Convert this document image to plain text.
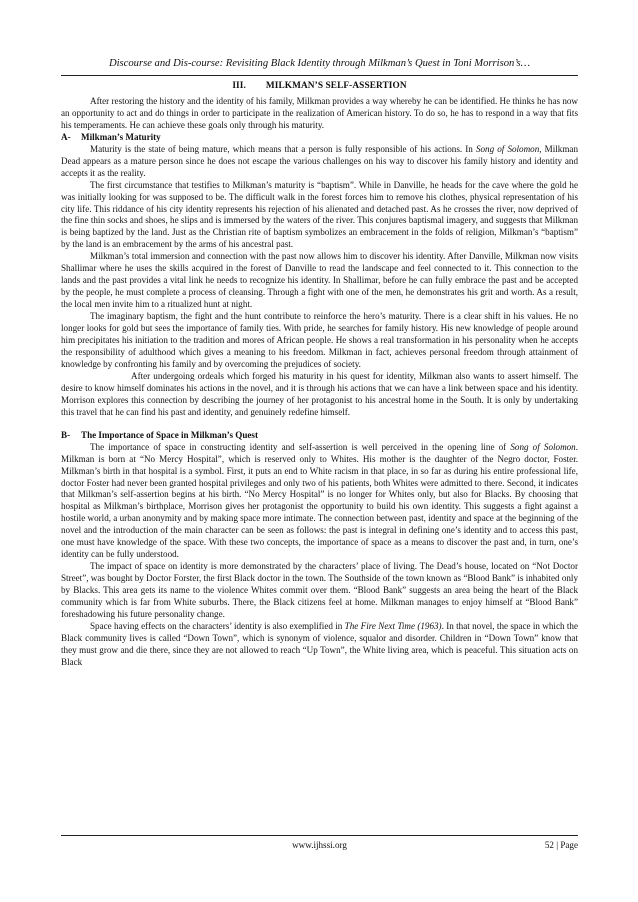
Discourse and Dis-course: Revisiting Black Identity through Milkman’s Quest in Toni Morrison’s…
III. MILKMAN’S SELF-ASSERTION

After restoring the history and the identity of his family, Milkman provides a way whereby he can be identified. He thinks he has now an opportunity to act and do things in order to participate in the realization of American history. To do so, he has to respond in a way that fits his temperaments. He can achieve these goals only through his maturity.

A- Milkman’s Maturity

Maturity is the state of being mature, which means that a person is fully responsible of his actions. In Song of Solomon, Milkman Dead appears as a mature person since he does not escape the various challenges on his way to discover his family history and identity and accepts it as the reality.

The first circumstance that testifies to Milkman’s maturity is “baptism”. While in Danville, he heads for the cave where the gold he was initially looking for was supposed to be. The difficult walk in the forest forces him to remove his clothes, physical representation of his city life. This riddance of his city identity represents his rejection of his alienated and detached past. As he crosses the river, now deprived of the fine thin socks and shoes, he slips and is immersed by the waters of the river. This conjures baptismal imagery, and suggests that Milkman is being baptized by the land. Just as the Christian rite of baptism symbolizes an embracement in the folds of religion, Milkman’s “baptism” by the land is an embracement by the arms of his ancestral past.

Milkman’s total immersion and connection with the past now allows him to discover his identity. After Danville, Milkman now visits Shallimar where he uses the skills acquired in the forest of Danville to read the landscape and feel connected to it. This connection to the lands and the past provides a vital link he needs to recognize his identity. In Shallimar, before he can fully embrace the past and be accepted by the people, he must complete a process of cleansing. Through a fight with one of the men, he demonstrates his grit and worth. As a result, the local men invite him to a ritualized hunt at night.

The imaginary baptism, the fight and the hunt contribute to reinforce the hero’s maturity. There is a clear shift in his values. He no longer looks for gold but sees the importance of family ties. With pride, he searches for family history. His new knowledge of people around him precipitates his initiation to the tradition and mores of African people. He shows a real transformation in his personality when he accepts the responsibility of adulthood which gives a meaning to his freedom. Milkman in fact, achieves personal freedom through attainment of knowledge by confronting his family and by overcoming the prejudices of society.

After undergoing ordeals which forged his maturity in his quest for identity, Milkman also wants to assert himself. The desire to know himself dominates his actions in the novel, and it is through his actions that we can have a link between space and his identity. Morrison explores this connection by describing the journey of her protagonist to his ancestral home in the South. It is only by undertaking this travel that he can find his past and identity, and genuinely redefine himself.

B- The Importance of Space in Milkman’s Quest

The importance of space in constructing identity and self-assertion is well perceived in the opening line of Song of Solomon. Milkman is born at “No Mercy Hospital”, which is reserved only to Whites. His mother is the daughter of the Negro doctor, Foster. Milkman’s birth in that hospital is a symbol. First, it puts an end to White racism in that place, in so far as during his entire professional life, doctor Foster had never been granted hospital privileges and only two of his patients, both Whites were admitted to there. Second, it indicates that Milkman’s self-assertion begins at his birth. “No Mercy Hospital” is no longer for Whites only, but also for Blacks. By choosing that hospital as Milkman’s birthplace, Morrison gives her protagonist the opportunity to build his own identity. This suggests a fight against a hostile world, a urban anonymity and by making space more intimate. The connection between past, identity and space at the beginning of the novel and the introduction of the main character can be seen as follows: the past is integral in defining one’s identity and to access this past, one must have knowledge of the space. With these two concepts, the importance of space as a means to discover the past and, in turn, one’s identity can be fully understood.

The impact of space on identity is more demonstrated by the characters’ place of living. The Dead’s house, located on “Not Doctor Street”, was bought by Doctor Forster, the first Black doctor in the town. The Southside of the town known as “Blood Bank” is inhabited only by Blacks. This area gets its name to the violence Whites commit over them. “Blood Bank” suggests an area being the heart of the Black community which is far from White suburbs. There, the Black citizens feel at home. Milkman manages to enjoy himself at “Blood Bank” foreshadowing his future personality change.

Space having effects on the characters’ identity is also exemplified in The Fire Next Time (1963). In that novel, the space in which the Black community lives is called “Down Town”, which is synonym of violence, squalor and disorder. Children in “Down Town” know that they must grow and die there, since they are not allowed to reach “Up Town”, the White living area, which is peaceful. This situation acts on Black

www.ijhssi.org	52 | Page
